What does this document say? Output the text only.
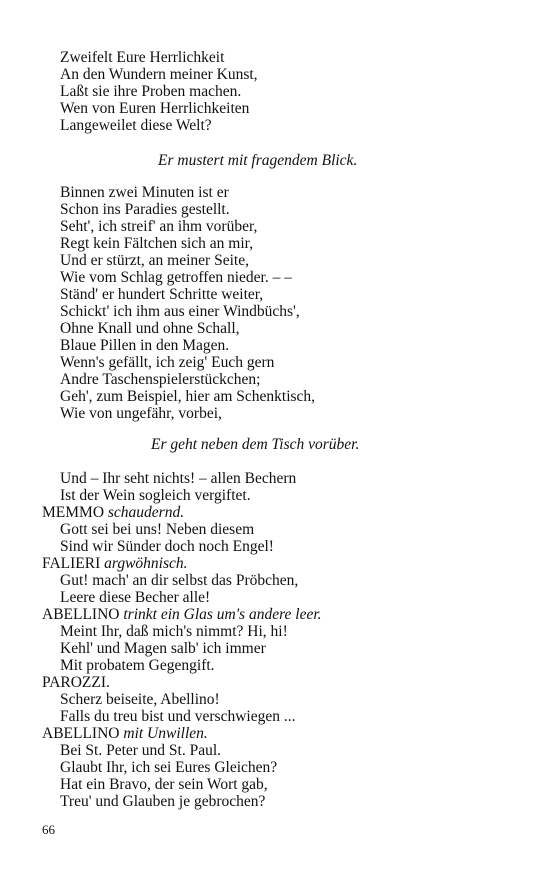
Zweifelt Eure Herrlichkeit
An den Wundern meiner Kunst,
Laßt sie ihre Proben machen.
Wen von Euren Herrlichkeiten
Langeweilet diese Welt?
Er mustert mit fragendem Blick.
Binnen zwei Minuten ist er
Schon ins Paradies gestellt.
Seht', ich streif' an ihm vorüber,
Regt kein Fältchen sich an mir,
Und er stürzt, an meiner Seite,
Wie vom Schlag getroffen nieder. – –
Ständ' er hundert Schritte weiter,
Schickt' ich ihm aus einer Windbüchs',
Ohne Knall und ohne Schall,
Blaue Pillen in den Magen.
Wenn's gefällt, ich zeig' Euch gern
Andre Taschenspielerstückchen;
Geh', zum Beispiel, hier am Schenktisch,
Wie von ungefähr, vorbei,
Er geht neben dem Tisch vorüber.
Und – Ihr seht nichts! – allen Bechern
Ist der Wein sogleich vergiftet.
MEMMO schaudernd.
Gott sei bei uns! Neben diesem
Sind wir Sünder doch noch Engel!
FALIERI argwöhnisch.
Gut! mach' an dir selbst das Pröbchen,
Leere diese Becher alle!
ABELLINO trinkt ein Glas um's andere leer.
Meint Ihr, daß mich's nimmt? Hi, hi!
Kehl' und Magen salb' ich immer
Mit probatem Gegengift.
PAROZZI.
Scherz beiseite, Abellino!
Falls du treu bist und verschwiegen ...
ABELLINO mit Unwillen.
Bei St. Peter und St. Paul.
Glaubt Ihr, ich sei Eures Gleichen?
Hat ein Bravo, der sein Wort gab,
Treu' und Glauben je gebrochen?
66
